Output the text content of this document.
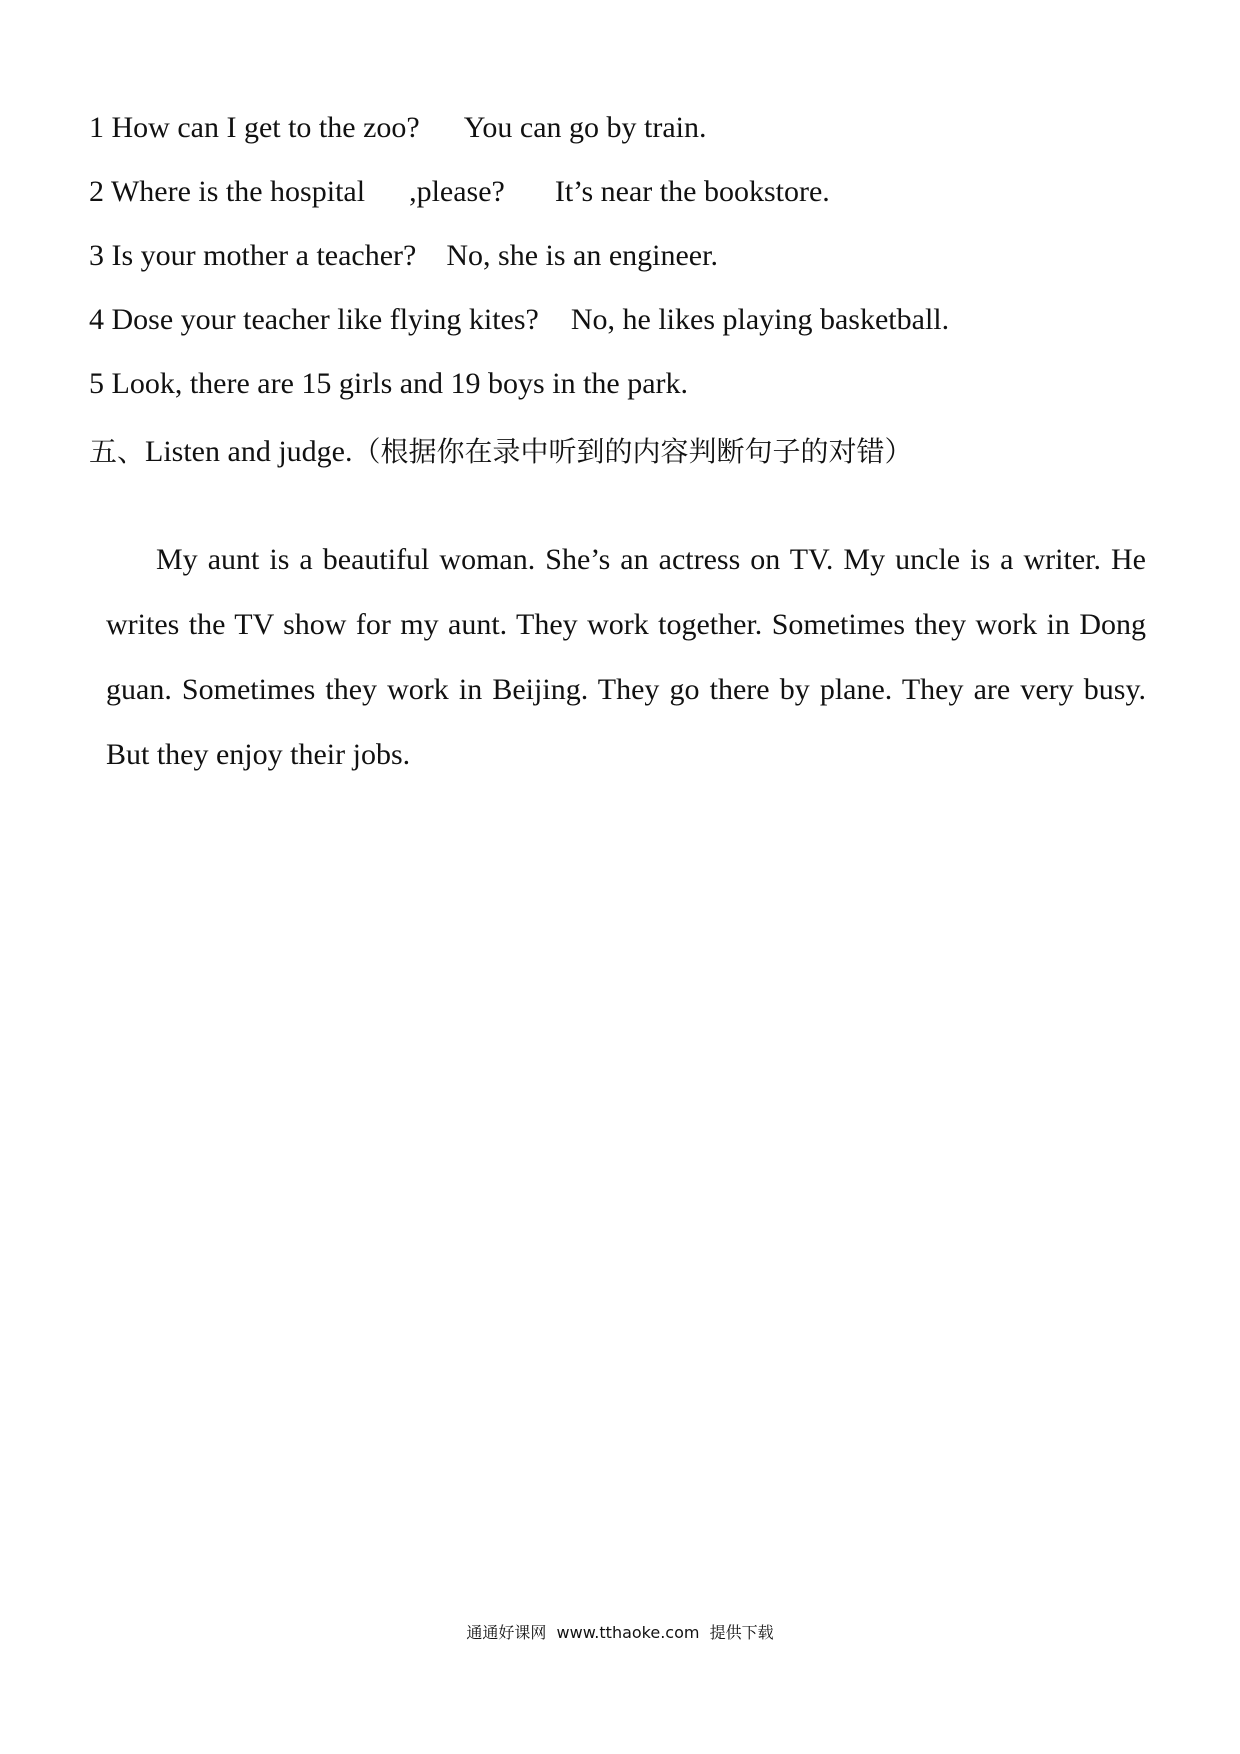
1 How can I get to the zoo? You can go by train.
2 Where is the hospital ,please? It’s near the bookstore.
3 Is your mother a teacher? No, she is an engineer.
4 Dose your teacher like flying kites? No, he likes playing basketball.
5 Look, there are 15 girls and 19 boys in the park.
五、Listen and judge.（根据你在录中听到的内容判断句子的对错）

My aunt is a beautiful woman. She’s an actress on TV. My uncle is a writer. He writes the TV show for my aunt. They work together. Sometimes they work in Dong guan. Sometimes they work in Beijing. They go there by plane. They are very busy. But they enjoy their jobs.

通通好课网 www.tthaoke.com 提供下载
